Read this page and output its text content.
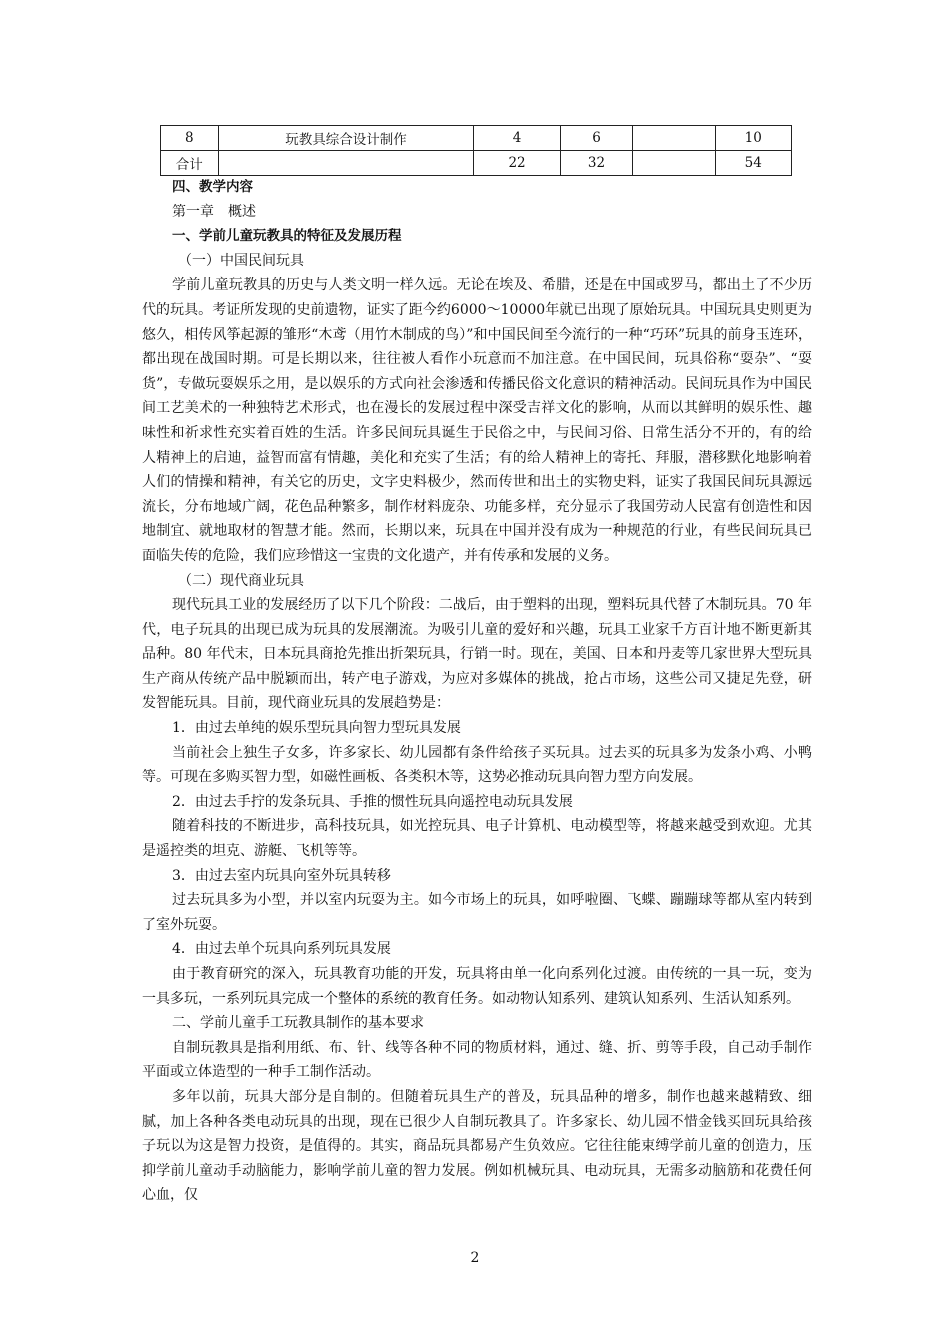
8	玩教具综合设计制作	4	6		10
合计		22	32		54

四、教学内容

第一章　概述

一、学前儿童玩教具的特征及发展历程

（一）中国民间玩具

学前儿童玩教具的历史与人类文明一样久远。无论在埃及、希腊，还是在中国或罗马，都出土了不少历代的玩具。考证所发现的史前遗物，证实了距今约6000～10000年就已出现了原始玩具。中国玩具史则更为悠久，相传风筝起源的雏形“木鸢（用竹木制成的鸟）”和中国民间至今流行的一种“巧环”玩具的前身玉连环，都出现在战国时期。可是长期以来，往往被人看作小玩意而不加注意。在中国民间，玩具俗称“耍杂”、“耍货”，专做玩耍娱乐之用，是以娱乐的方式向社会渗透和传播民俗文化意识的精神活动。民间玩具作为中国民间工艺美术的一种独特艺术形式，也在漫长的发展过程中深受吉祥文化的影响，从而以其鲜明的娱乐性、趣味性和祈求性充实着百姓的生活。许多民间玩具诞生于民俗之中，与民间习俗、日常生活分不开的，有的给人精神上的启迪，益智而富有情趣，美化和充实了生活；有的给人精神上的寄托、拜服，潜移默化地影响着人们的情操和精神，有关它的历史，文字史料极少，然而传世和出土的实物史料，证实了我国民间玩具源远流长，分布地域广阔，花色品种繁多，制作材料庞杂、功能多样，充分显示了我国劳动人民富有创造性和因地制宜、就地取材的智慧才能。然而，长期以来，玩具在中国并没有成为一种规范的行业，有些民间玩具已面临失传的危险，我们应珍惜这一宝贵的文化遗产，并有传承和发展的义务。

（二）现代商业玩具

现代玩具工业的发展经历了以下几个阶段：二战后，由于塑料的出现，塑料玩具代替了木制玩具。70 年代，电子玩具的出现已成为玩具的发展潮流。为吸引儿童的爱好和兴趣，玩具工业家千方百计地不断更新其品种。80 年代末，日本玩具商抢先推出折架玩具，行销一时。现在，美国、日本和丹麦等几家世界大型玩具生产商从传统产品中脱颖而出，转产电子游戏，为应对多媒体的挑战，抢占市场，这些公司又捷足先登，研发智能玩具。目前，现代商业玩具的发展趋势是：

1．由过去单纯的娱乐型玩具向智力型玩具发展

当前社会上独生子女多，许多家长、幼儿园都有条件给孩子买玩具。过去买的玩具多为发条小鸡、小鸭等。可现在多购买智力型，如磁性画板、各类积木等，这势必推动玩具向智力型方向发展。

2．由过去手拧的发条玩具、手推的惯性玩具向遥控电动玩具发展

随着科技的不断进步，高科技玩具，如光控玩具、电子计算机、电动模型等，将越来越受到欢迎。尤其是遥控类的坦克、游艇、飞机等等。

3．由过去室内玩具向室外玩具转移

过去玩具多为小型，并以室内玩耍为主。如今市场上的玩具，如呼啦圈、飞蝶、蹦蹦球等都从室内转到了室外玩耍。

4．由过去单个玩具向系列玩具发展

由于教育研究的深入，玩具教育功能的开发，玩具将由单一化向系列化过渡。由传统的一具一玩，变为一具多玩，一系列玩具完成一个整体的系统的教育任务。如动物认知系列、建筑认知系列、生活认知系列。

二、学前儿童手工玩教具制作的基本要求

自制玩教具是指利用纸、布、针、线等各种不同的物质材料，通过、缝、折、剪等手段，自己动手制作平面或立体造型的一种手工制作活动。

多年以前，玩具大部分是自制的。但随着玩具生产的普及，玩具品种的增多，制作也越来越精致、细腻，加上各种各类电动玩具的出现，现在已很少人自制玩教具了。许多家长、幼儿园不惜金钱买回玩具给孩子玩以为这是智力投资，是值得的。其实，商品玩具都易产生负效应。它往往能束缚学前儿童的创造力，压抑学前儿童动手动脑能力，影响学前儿童的智力发展。例如机械玩具、电动玩具，无需多动脑筋和花费任何心血，仅

2
